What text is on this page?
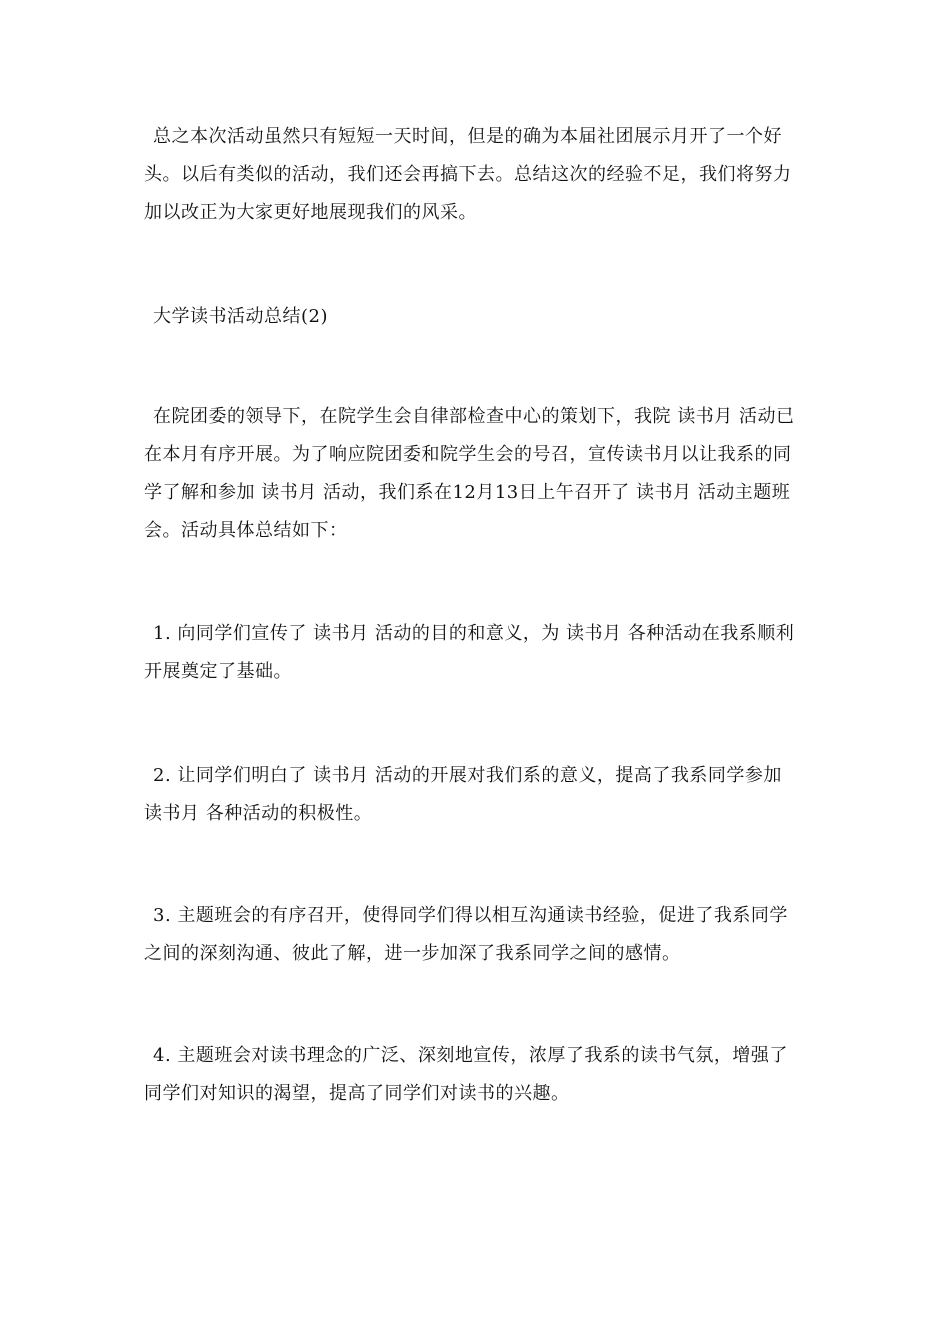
总之本次活动虽然只有短短一天时间，但是的确为本届社团展示月开了一个好头。以后有类似的活动，我们还会再搞下去。总结这次的经验不足，我们将努力加以改正为大家更好地展现我们的风采。

大学读书活动总结(2)

在院团委的领导下，在院学生会自律部检查中心的策划下，我院 读书月 活动已在本月有序开展。为了响应院团委和院学生会的号召，宣传读书月以让我系的同学了解和参加 读书月 活动，我们系在12月13日上午召开了 读书月 活动主题班会。活动具体总结如下：

1. 向同学们宣传了 读书月 活动的目的和意义，为 读书月 各种活动在我系顺利开展奠定了基础。

2. 让同学们明白了 读书月 活动的开展对我们系的意义，提高了我系同学参加 读书月 各种活动的积极性。

3. 主题班会的有序召开，使得同学们得以相互沟通读书经验，促进了我系同学之间的深刻沟通、彼此了解，进一步加深了我系同学之间的感情。

4. 主题班会对读书理念的广泛、深刻地宣传，浓厚了我系的读书气氛，增强了同学们对知识的渴望，提高了同学们对读书的兴趣。
